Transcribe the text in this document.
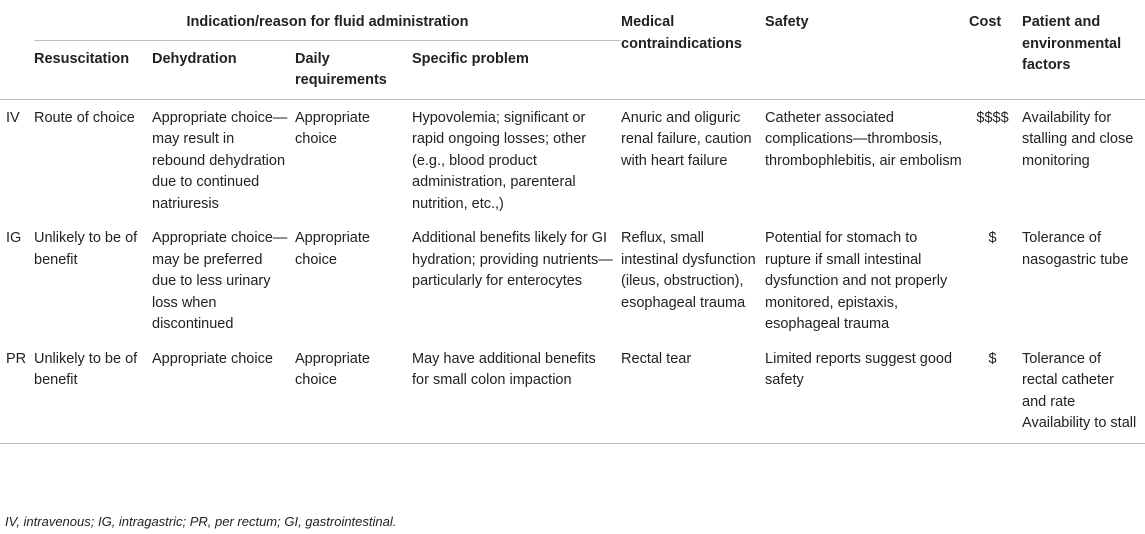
	Indication/reason for fluid administration				Medical contraindications	Safety	Cost	Patient and environmental factors
	Resuscitation	Dehydration	Daily requirements	Specific problem				
IV	Route of choice	Appropriate choice—may result in rebound dehydration due to continued natriuresis	Appropriate choice	Hypovolemia; significant or rapid ongoing losses; other (e.g., blood product administration, parenteral nutrition, etc.,)	Anuric and oliguric renal failure, caution with heart failure	Catheter associated complications—thrombosis, thrombophlebitis, air embolism	$$$$	Availability for stalling and close monitoring
IG	Unlikely to be of benefit	Appropriate choice—may be preferred due to less urinary loss when discontinued	Appropriate choice	Additional benefits likely for GI hydration; providing nutrients—particularly for enterocytes	Reflux, small intestinal dysfunction (ileus, obstruction), esophageal trauma	Potential for stomach to rupture if small intestinal dysfunction and not properly monitored, epistaxis, esophageal trauma	$	Tolerance of nasogastric tube
PR	Unlikely to be of benefit	Appropriate choice	Appropriate choice	May have additional benefits for small colon impaction	Rectal tear	Limited reports suggest good safety	$	Tolerance of rectal catheter and rate Availability to stall
IV, intravenous; IG, intragastric; PR, per rectum; GI, gastrointestinal.
